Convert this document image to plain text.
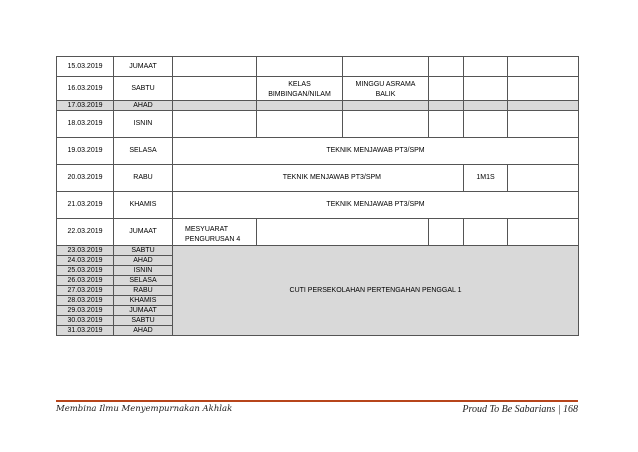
15.03.2019	JUMAAT						
16.03.2019	SABTU		KELAS BIMBINGAN/NILAM	MINGGU ASRAMA BALIK			
17.03.2019	AHAD						
18.03.2019	ISNIN						
19.03.2019	SELASA	TEKNIK MENJAWAB PT3/SPM					
20.03.2019	RABU	TEKNIK MENJAWAB PT3/SPM				1M1S	
21.03.2019	KHAMIS	TEKNIK MENJAWAB PT3/SPM					
22.03.2019	JUMAAT	MESYUARAT PENGURUSAN 4					
23.03.2019	SABTU	CUTI PERSEKOLAHAN PERTENGAHAN PENGGAL 1					
24.03.2019	AHAD						
25.03.2019	ISNIN						
26.03.2019	SELASA						
27.03.2019	RABU						
28.03.2019	KHAMIS						
29.03.2019	JUMAAT						
30.03.2019	SABTU						
31.03.2019	AHAD						
Membina Ilmu Menyempurnakan Akhlak	Proud To Be Sabarians | 168
